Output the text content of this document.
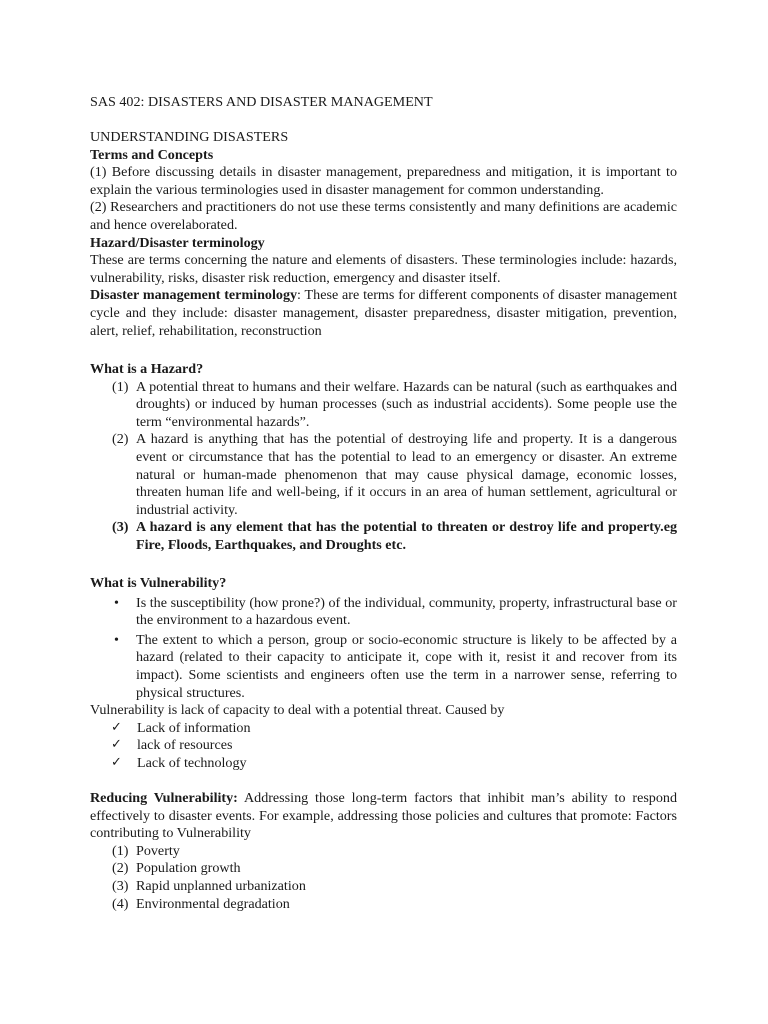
SAS 402: DISASTERS AND DISASTER MANAGEMENT

UNDERSTANDING DISASTERS

Terms and Concepts

(1) Before discussing details in disaster management, preparedness and mitigation, it is important to explain the various terminologies used in disaster management for common understanding.

(2) Researchers and practitioners do not use these terms consistently and many definitions are academic and hence overelaborated.

Hazard/Disaster terminology

These are terms concerning the nature and elements of disasters. These terminologies include: hazards, vulnerability, risks, disaster risk reduction, emergency and disaster itself.

Disaster management terminology: These are terms for different components of disaster management cycle and they include: disaster management, disaster preparedness, disaster mitigation, prevention, alert, relief, rehabilitation, reconstruction

What is a Hazard?

(1) A potential threat to humans and their welfare. Hazards can be natural (such as earthquakes and droughts) or induced by human processes (such as industrial accidents). Some people use the term “environmental hazards”.
(2) A hazard is anything that has the potential of destroying life and property. It is a dangerous event or circumstance that has the potential to lead to an emergency or disaster. An extreme natural or human-made phenomenon that may cause physical damage, economic losses, threaten human life and well-being, if it occurs in an area of human settlement, agricultural or industrial activity.
(3) A hazard is any element that has the potential to threaten or destroy life and property.eg Fire, Floods, Earthquakes, and Droughts etc.

What is Vulnerability?

• Is the susceptibility (how prone?) of the individual, community, property, infrastructural base or the environment to a hazardous event.
• The extent to which a person, group or socio-economic structure is likely to be affected by a hazard (related to their capacity to anticipate it, cope with it, resist it and recover from its impact). Some scientists and engineers often use the term in a narrower sense, referring to physical structures.

Vulnerability is lack of capacity to deal with a potential threat. Caused by

✓ Lack of information
✓ lack of resources
✓ Lack of technology

Reducing Vulnerability: Addressing those long-term factors that inhibit man’s ability to respond effectively to disaster events. For example, addressing those policies and cultures that promote: Factors contributing to Vulnerability

(1) Poverty
(2) Population growth
(3) Rapid unplanned urbanization
(4) Environmental degradation
